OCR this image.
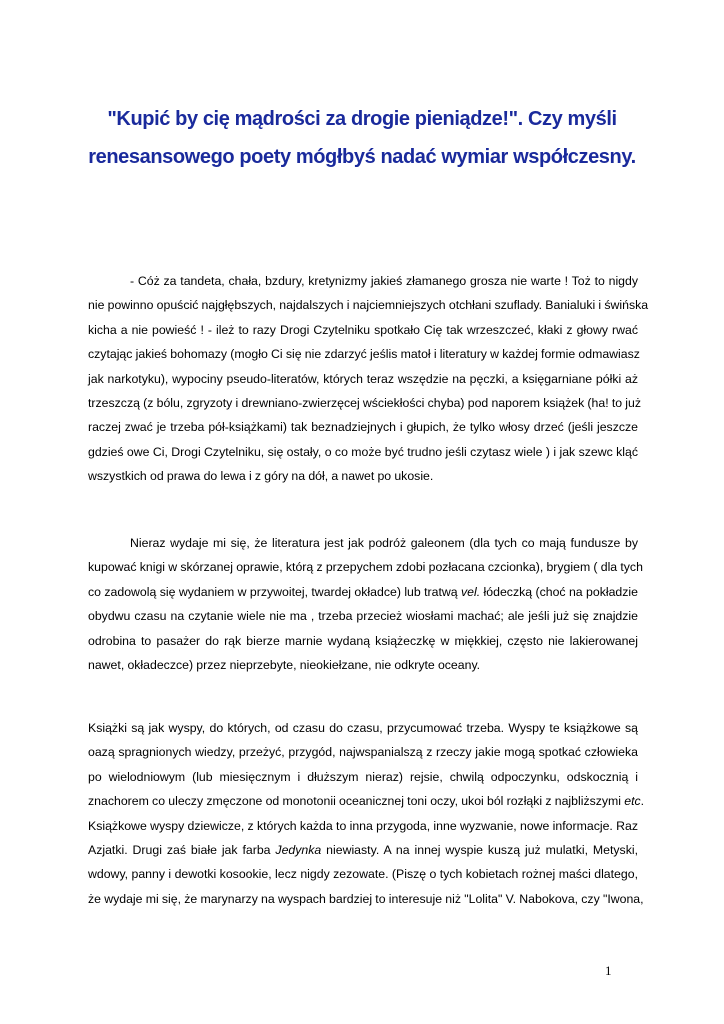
"Kupić by cię mądrości za drogie pieniądze!". Czy myśli
renesansowego poety mógłbyś nadać wymiar współczesny.
- Cóż za tandeta, chała, bzdury, kretynizmy jakieś złamanego grosza nie warte ! Toż to nigdy
nie powinno opuścić najgłębszych, najdalszych i najciemniejszych otchłani szuflady. Banialuki i świńska
kicha a nie powieść ! - ileż to razy Drogi Czytelniku spotkało Cię tak wrzeszczeć, kłaki z głowy rwać
czytając jakieś bohomazy (mogło Ci się nie zdarzyć jeślis matoł i literatury w każdej formie odmawiasz
jak narkotyku), wypociny pseudo-literatów, których teraz wszędzie na pęczki, a księgarniane półki aż
trzeszczą (z bólu, zgryzoty i drewniano-zwierzęcej wściekłości chyba) pod naporem książek (ha! to już
raczej zwać je trzeba pół-książkami) tak beznadziejnych i głupich, że tylko włosy drzeć (jeśli jeszcze
gdzieś owe Ci, Drogi Czytelniku, się ostały, o co może być trudno jeśli czytasz wiele ) i jak szewc kląć
wszystkich od prawa do lewa i z góry na dół, a nawet po ukosie.
Nieraz wydaje mi się, że literatura jest jak podróż galeonem (dla tych co mają fundusze by
kupować knigi w skórzanej oprawie, którą z przepychem zdobi pozłacana czcionka), brygiem ( dla tych
co zadowolą się wydaniem w przywoitej, twardej okładce) lub tratwą vel. łódeczką (choć na pokładzie
obydwu czasu na czytanie wiele nie ma , trzeba przecież wiosłami machać; ale jeśli już się znajdzie
odrobina to pasażer do rąk bierze marnie wydaną książeczkę w miękkiej, często nie lakierowanej
nawet, okładeczce) przez nieprzebyte, nieokiełzane, nie odkryte oceany.
Książki są jak wyspy, do których, od czasu do czasu, przycumować trzeba. Wyspy te książkowe są
oazą spragnionych wiedzy, przeżyć, przygód, najwspanialszą z rzeczy jakie mogą spotkać człowieka
po wielodniowym (lub miesięcznym i dłuższym nieraz) rejsie, chwilą odpoczynku, odskocznią i
znachorem co uleczy zmęczone od monotonii oceanicznej toni oczy, ukoi ból rozłąki z najbliższymi etc.
Książkowe wyspy dziewicze, z których każda to inna przygoda, inne wyzwanie, nowe informacje. Raz
Azjatki. Drugi zaś białe jak farba Jedynka niewiasty. A na innej wyspie kuszą już mulatki, Metyski,
wdowy, panny i dewotki kosookie, lecz nigdy zezowate. (Piszę o tych kobietach rożnej maści dlatego,
że wydaje mi się, że marynarzy na wyspach bardziej to interesuje niż "Lolita" V. Nabokova, czy "Iwona,
1
